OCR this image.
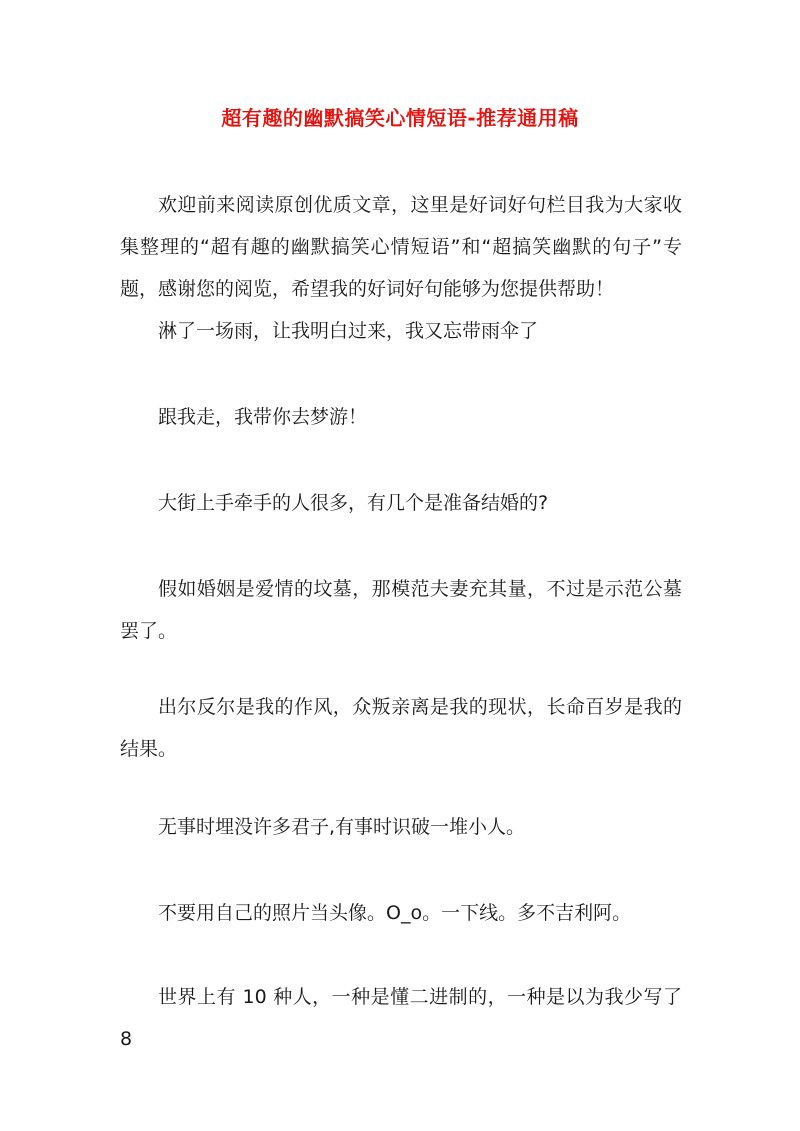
超有趣的幽默搞笑心情短语-推荐通用稿

欢迎前来阅读原创优质文章，这里是好词好句栏目我为大家收集整理的“超有趣的幽默搞笑心情短语”和“超搞笑幽默的句子”专题，感谢您的阅览，希望我的好词好句能够为您提供帮助！

淋了一场雨，让我明白过来，我又忘带雨伞了

跟我走，我带你去梦游！

大街上手牵手的人很多，有几个是准备结婚的?

假如婚姻是爱情的坟墓，那模范夫妻充其量，不过是示范公墓罢了。

出尔反尔是我的作风，众叛亲离是我的现状，长命百岁是我的结果。

无事时埋没许多君子,有事时识破一堆小人。

不要用自己的照片当头像。O_o。一下线。多不吉利阿。

世界上有 10 种人，一种是懂二进制的，一种是以为我少写了 8
